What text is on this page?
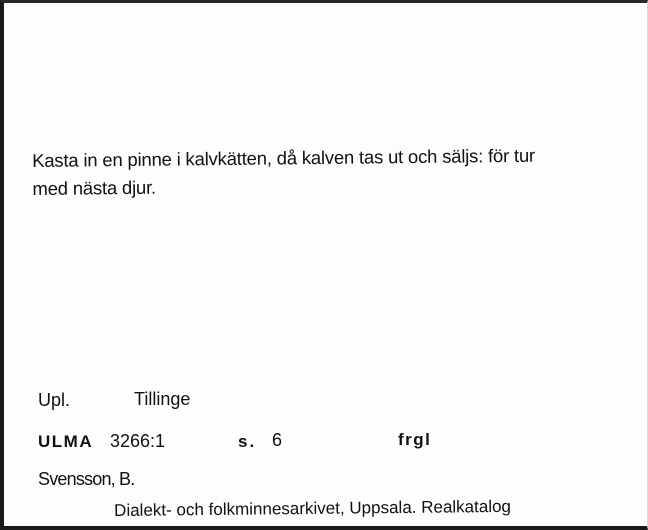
Kasta in en pinne i kalvkätten, då kalven tas ut och säljs: för tur
med nästa djur.

Upl.	Tillinge
ULMA 3266:1	s. 6	frgl
Svensson, B.
Dialekt- och folkminnesarkivet, Uppsala. Realkatalog
